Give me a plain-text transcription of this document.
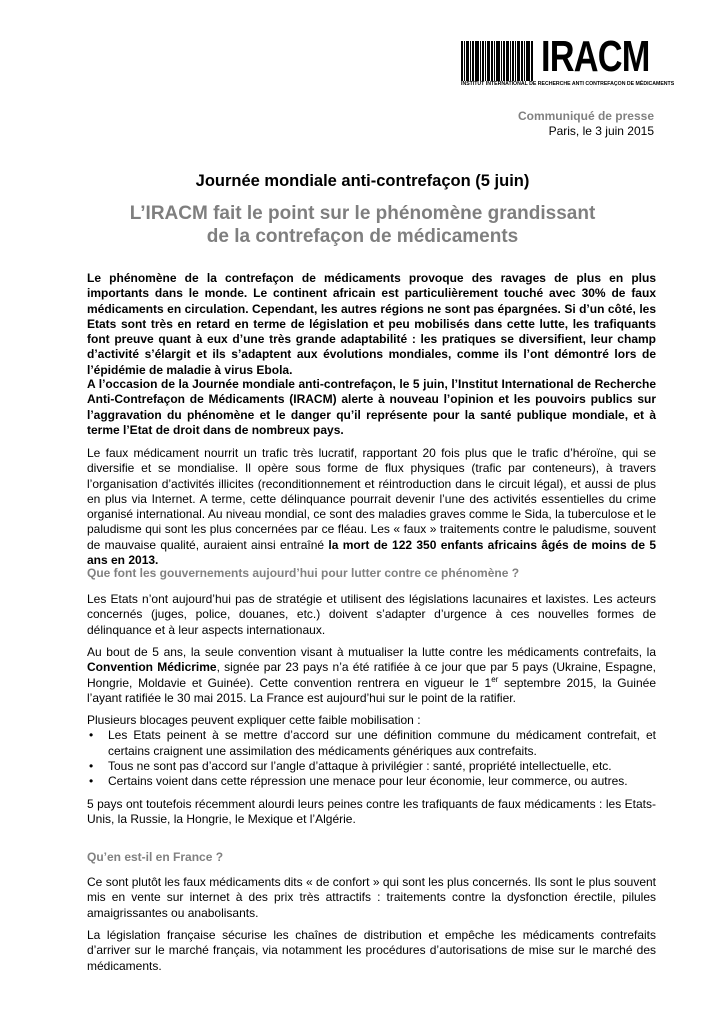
IRACM
INSTITUT INTERNATIONAL DE RECHERCHE ANTI CONTREFAÇON DE MÉDICAMENTS
Communiqué de presse
Paris, le 3 juin 2015
Journée mondiale anti-contrefaçon (5 juin)
L’IRACM fait le point sur le phénomène grandissant
de la contrefaçon de médicaments
Le phénomène de la contrefaçon de médicaments provoque des ravages de plus en plus importants dans le monde. Le continent africain est particulièrement touché avec 30% de faux médicaments en circulation. Cependant, les autres régions ne sont pas épargnées. Si d’un côté, les Etats sont très en retard en terme de législation et peu mobilisés dans cette lutte, les trafiquants font preuve quant à eux d’une très grande adaptabilité : les pratiques se diversifient, leur champ d’activité s’élargit et ils s’adaptent aux évolutions mondiales, comme ils l’ont démontré lors de l’épidémie de maladie à virus Ebola.
A l’occasion de la Journée mondiale anti-contrefaçon, le 5 juin, l’Institut International de Recherche Anti-Contrefaçon de Médicaments (IRACM) alerte à nouveau l’opinion et les pouvoirs publics sur l’aggravation du phénomène et le danger qu’il représente pour la santé publique mondiale, et à terme l’Etat de droit dans de nombreux pays.
Le faux médicament nourrit un trafic très lucratif, rapportant 20 fois plus que le trafic d’héroïne, qui se diversifie et se mondialise. Il opère sous forme de flux physiques (trafic par conteneurs), à travers l’organisation d’activités illicites (reconditionnement et réintroduction dans le circuit légal), et aussi de plus en plus via Internet. A terme, cette délinquance pourrait devenir l’une des activités essentielles du crime organisé international. Au niveau mondial, ce sont des maladies graves comme le Sida, la tuberculose et le paludisme qui sont les plus concernées par ce fléau. Les « faux » traitements contre le paludisme, souvent de mauvaise qualité, auraient ainsi entraîné la mort de 122 350 enfants africains âgés de moins de 5 ans en 2013.
Que font les gouvernements aujourd’hui pour lutter contre ce phénomène ?
Les Etats n’ont aujourd’hui pas de stratégie et utilisent des législations lacunaires et laxistes. Les acteurs concernés (juges, police, douanes, etc.) doivent s’adapter d’urgence à ces nouvelles formes de délinquance et à leur aspects internationaux.
Au bout de 5 ans, la seule convention visant à mutualiser la lutte contre les médicaments contrefaits, la Convention Médicrime, signée par 23 pays n’a été ratifiée à ce jour que par 5 pays (Ukraine, Espagne, Hongrie, Moldavie et Guinée). Cette convention rentrera en vigueur le 1er septembre 2015, la Guinée l’ayant ratifiée le 30 mai 2015. La France est aujourd’hui sur le point de la ratifier.
Plusieurs blocages peuvent expliquer cette faible mobilisation :
• Les Etats peinent à se mettre d’accord sur une définition commune du médicament contrefait, et certains craignent une assimilation des médicaments génériques aux contrefaits.
• Tous ne sont pas d’accord sur l’angle d’attaque à privilégier : santé, propriété intellectuelle, etc.
• Certains voient dans cette répression une menace pour leur économie, leur commerce, ou autres.
5 pays ont toutefois récemment alourdi leurs peines contre les trafiquants de faux médicaments : les Etats-Unis, la Russie, la Hongrie, le Mexique et l’Algérie.
Qu’en est-il en France ?
Ce sont plutôt les faux médicaments dits « de confort » qui sont les plus concernés. Ils sont le plus souvent mis en vente sur internet à des prix très attractifs : traitements contre la dysfonction érectile, pilules amaigrissantes ou anabolisants.
La législation française sécurise les chaînes de distribution et empêche les médicaments contrefaits d’arriver sur le marché français, via notamment les procédures d’autorisations de mise sur le marché des médicaments.
